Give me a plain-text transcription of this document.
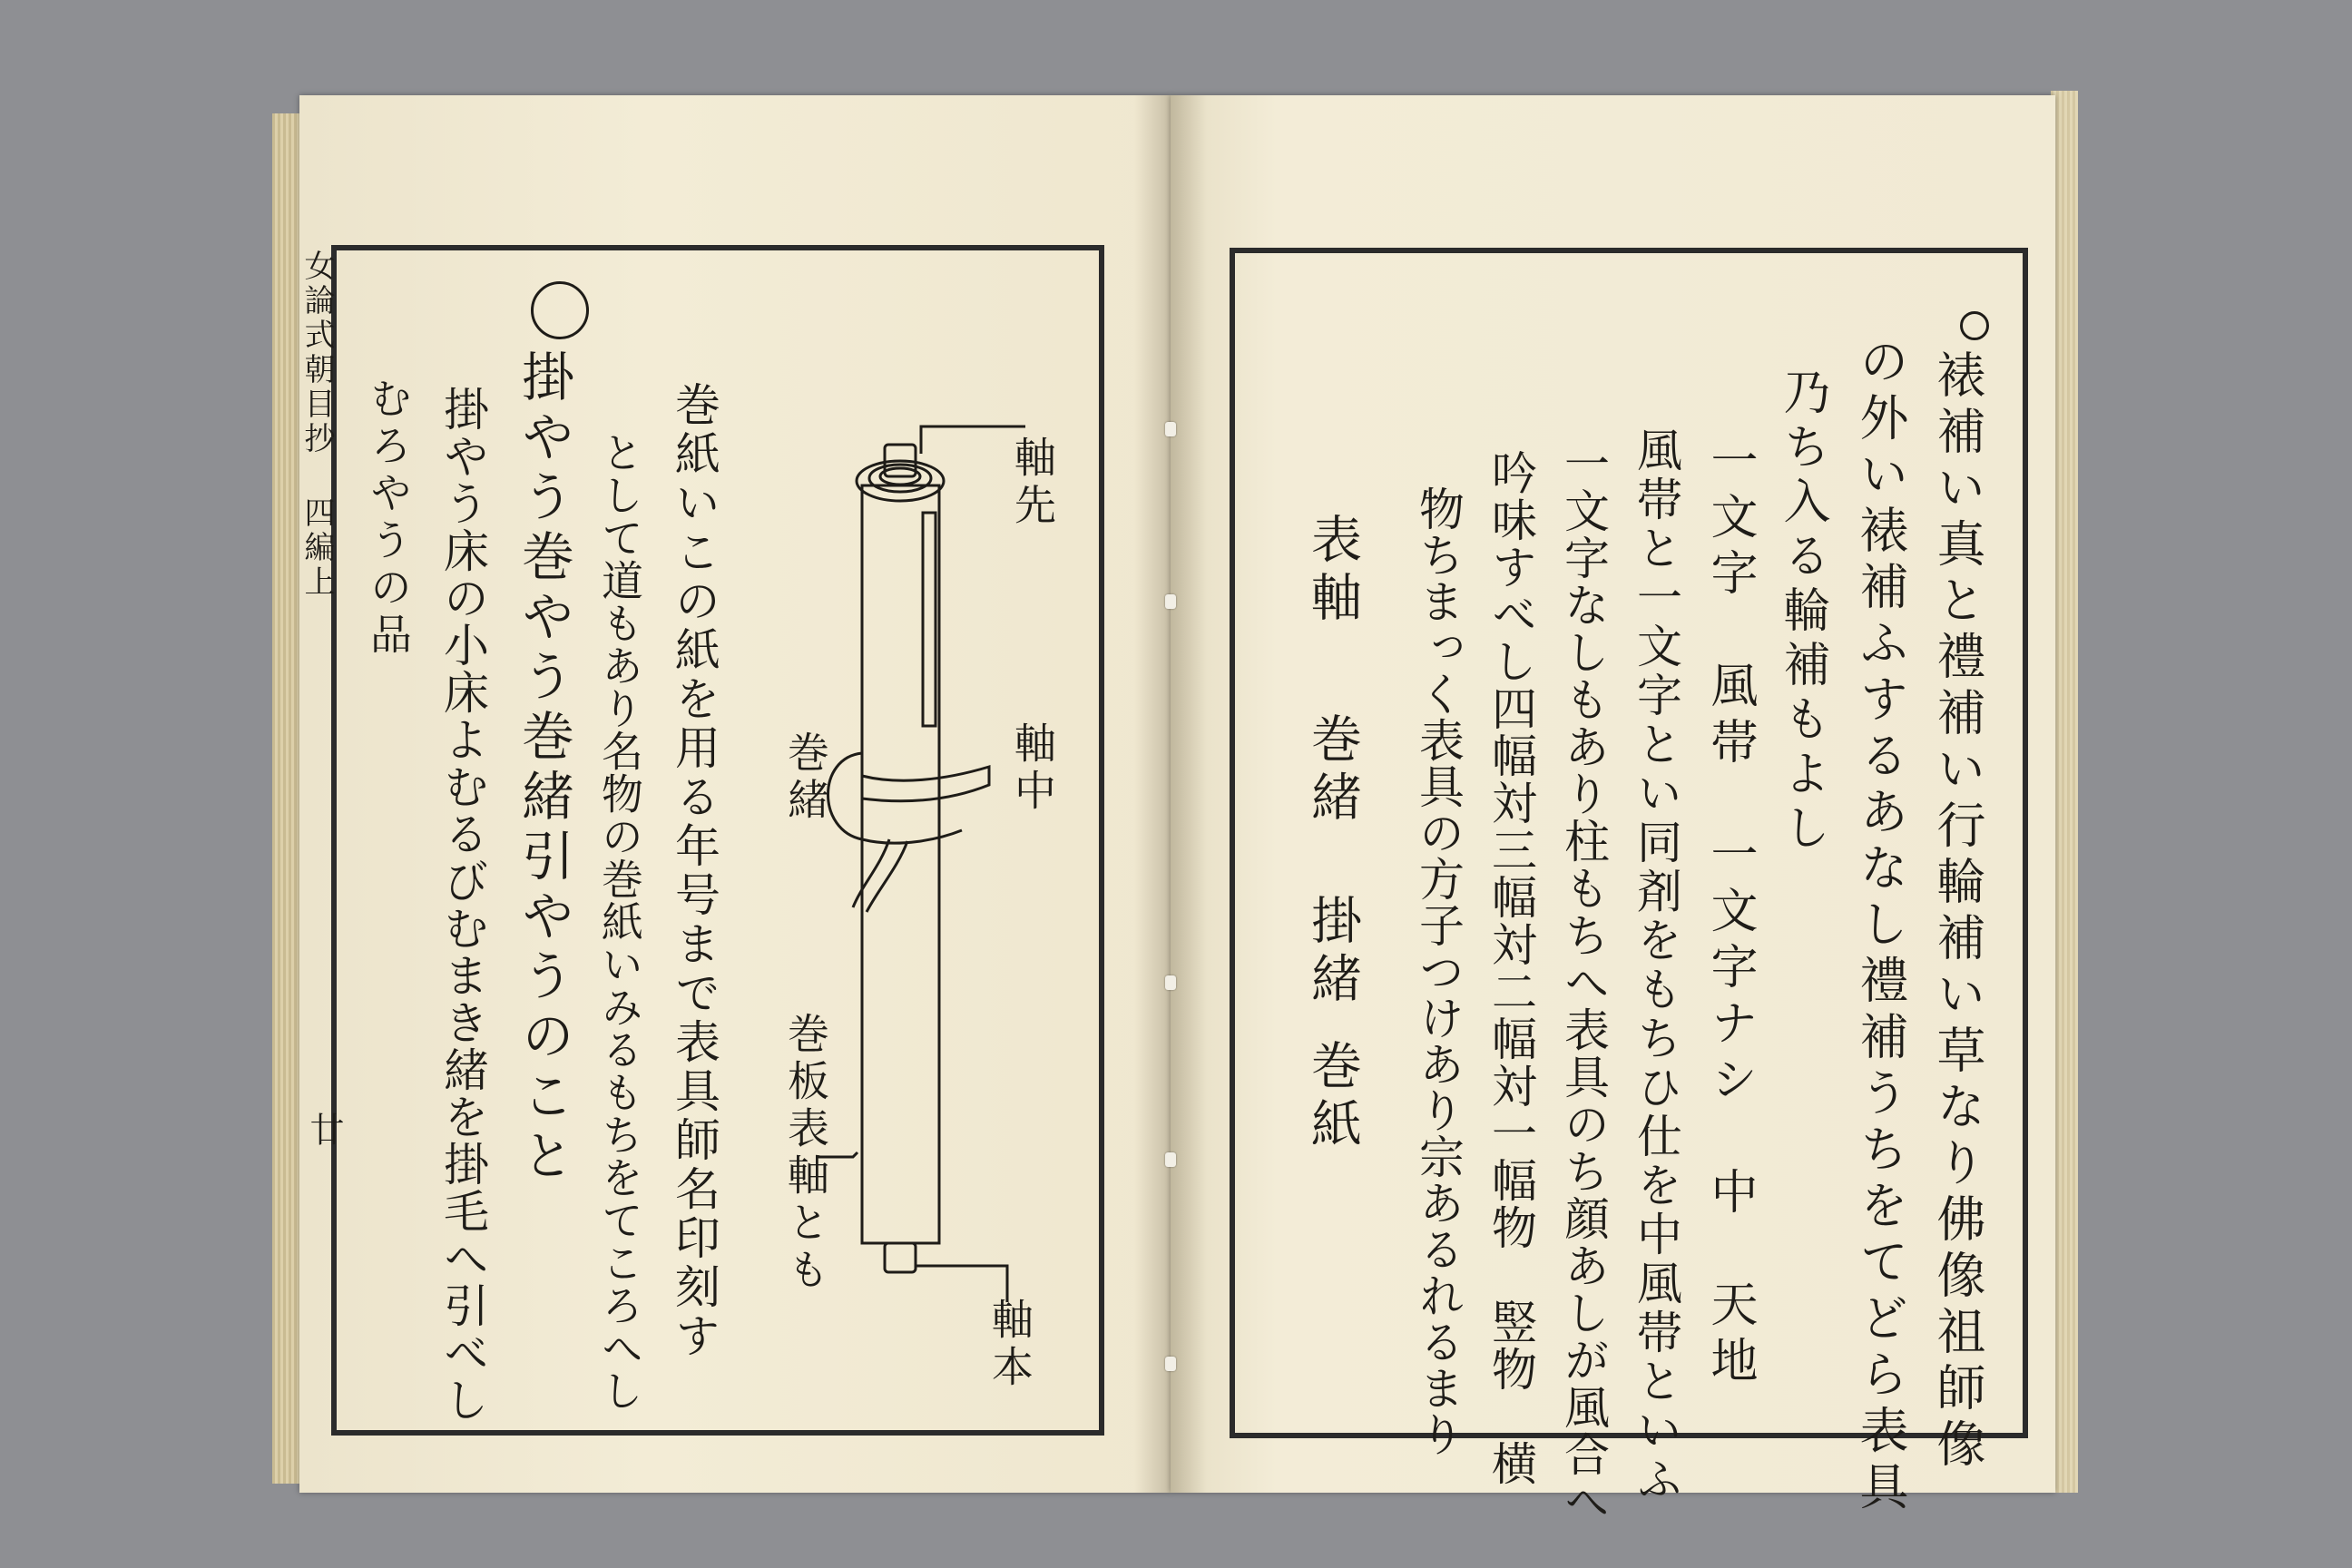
女論式朝目抄 四編上
廿
軸先
軸中
巻緒
軸本
巻板表軸とも
巻紙いこの紙を用る年号まで表具師名印刻す
として道もあり名物の巻紙いみるもちをてころへし
掛やう巻やう巻緒引やうのこと
掛やう床の小床よむるびむまき緒を掛毛へ引べし
むろやうの品	裱補い真と禮補い行輪補い草なり佛像祖師像
の外い裱補ふするあなし禮補うちをてどら表具
乃ち入る輪補もよし
一文字　風帯　一文字ナシ　中　天地
風帯と一文字とい同剤をもちひ仕を中風帯といふ
一文字なしもあり柱もちへ表具のち顔あしが風合へ
吟味すべし四幅対三幅対二幅対一幅物　竪物　横
物ちまっく表具の方子つけあり宗あるれるまり
表軸
巻緒
掛緒
巻紙
